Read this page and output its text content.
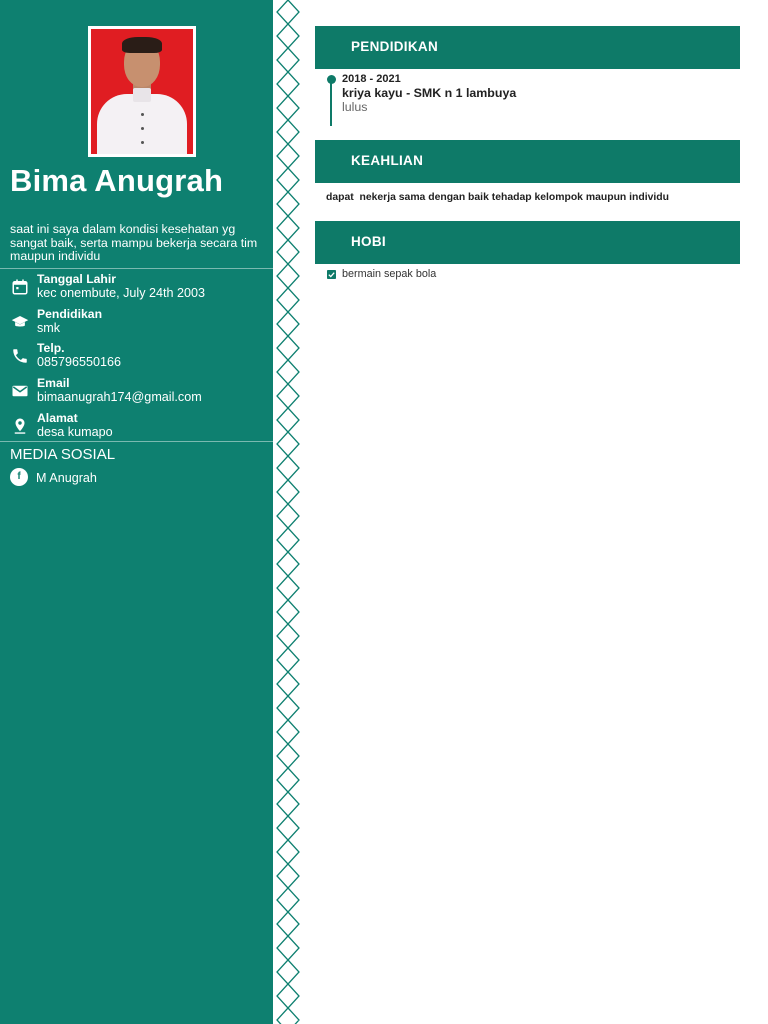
Bima Anugrah
saat ini saya dalam kondisi kesehatan yg sangat baik, serta mampu bekerja secara tim maupun individu
Tanggal Lahir
kec onembute, July 24th 2003
Pendidikan
smk
Telp.
085796550166
Email
bimaanugrah174@gmail.com
Alamat
desa kumapo
MEDIA SOSIAL
f	M Anugrah
PENDIDIKAN
2018 - 2021
kriya kayu - SMK n 1 lambuya
lulus
KEAHLIAN
dapat  nekerja sama dengan baik tehadap kelompok maupun individu
HOBI
bermain sepak bola
